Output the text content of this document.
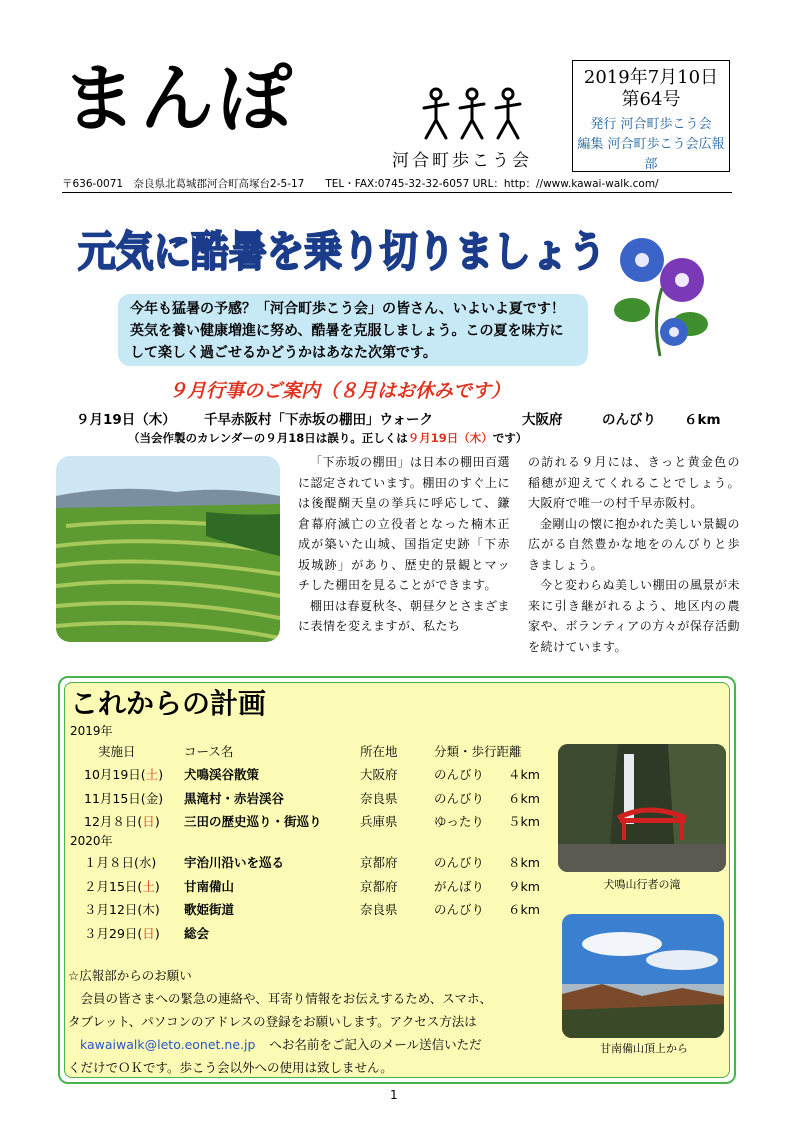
まんぽ
河合町歩こう会
2019年7月10日
第64号
発行 河合町歩こう会
編集 河合町歩こう会広報部
〒636-0071　奈良県北葛城郡河合町高塚台2-5-17　　TEL・FAX:0745-32-32-6057 URL：http：//www.kawai-walk.com/
元気に酷暑を乗り切りましょう
今年も猛暑の予感？「河合町歩こう会」の皆さん、いよいよ夏です！英気を養い健康増進に努め、酷暑を克服しましょう。この夏を味方にして楽しく過ごせるかどうかはあなた次第です。
９月行事のご案内（８月はお休みです）
９月19日（木） 千早赤阪村「下赤坂の棚田」ウォーク	大阪府	のんびり ６km
（当会作製のカレンダーの９月18日は誤り。正しくは９月19日（木）です）

「下赤坂の棚田」は日本の棚田百選に認定されています。棚田のすぐ上には後醍醐天皇の挙兵に呼応して、鎌倉幕府滅亡の立役者となった楠木正成が築いた山城、国指定史跡「下赤坂城跡」があり、歴史的景観とマッチした棚田を見ることができます。

棚田は春夏秋冬、朝昼夕とさまざまに表情を変えますが、私たち

の訪れる９月には、きっと黄金色の稲穂が迎えてくれることでしょう。大阪府で唯一の村千早赤阪村。

金剛山の懐に抱かれた美しい景観の広がる自然豊かな地をのんびりと歩きましょう。

今と変わらぬ美しい棚田の風景が未来に引き継がれるよう、地区内の農家や、ボランティアの方々が保存活動を続けています。

これからの計画
2019年
実施日	コース名	所在地	分類・歩行距離
10月19日(土) 犬鳴渓谷散策	大阪府	のんびり ４km
11月15日(金) 黒滝村・赤岩渓谷	奈良県	のんびり ６km
12月８日(日) 三田の歴史巡り・街巡り	兵庫県	ゆったり ５km
2020年
１月８日(水) 宇治川沿いを巡る	京都府	のんびり ８km
２月15日(土) 甘南備山	京都府	がんばり ９km
３月12日(木) 歌姫街道	奈良県	のんびり ６km
３月29日(日) 総会
犬鳴山行者の滝
甘南備山頂上から

☆広報部からのお願い

会員の皆さまへの緊急の連絡や、耳寄り情報をお伝えするため、スマホ、

タブレット、パソコンのアドレスの登録をお願いします。アクセス方法は

kawaiwalk@leto.eonet.ne.jp へお名前をご記入のメール送信いただ

くだけでＯＫです。歩こう会以外への使用は致しません。

1
